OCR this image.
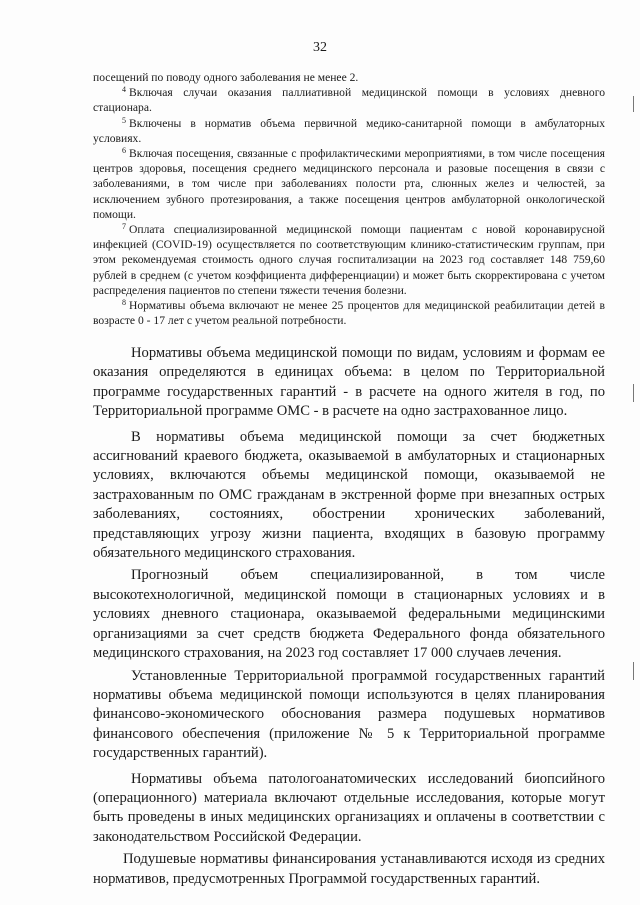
32

посещений по поводу одного заболевания не менее 2.

$^4$ Включая случаи оказания паллиативной медицинской помощи в условиях дневного стационара.

$^5$ Включены в норматив объема первичной медико-санитарной помощи в амбулаторных условиях.

$^6$ Включая посещения, связанные с профилактическими мероприятиями, в том числе посещения центров здоровья, посещения среднего медицинского персонала и разовые посещения в связи с заболеваниями, в том числе при заболеваниях полости рта, слюнных желез и челюстей, за исключением зубного протезирования, а также посещения центров амбулаторной онкологической помощи.

$^7$ Оплата специализированной медицинской помощи пациентам с новой коронавирусной инфекцией (COVID-19) осуществляется по соответствующим клинико-статистическим группам, при этом рекомендуемая стоимость одного случая госпитализации на 2023 год составляет 148 759,60 рублей в среднем (с учетом коэффициента дифференциации) и может быть скорректирована с учетом распределения пациентов по степени тяжести течения болезни.

$^8$ Нормативы объема включают не менее 25 процентов для медицинской реабилитации детей в возрасте 0 - 17 лет с учетом реальной потребности.

Нормативы объема медицинской помощи по видам, условиям и формам ее оказания определяются в единицах объема: в целом по Территориальной программе государственных гарантий - в расчете на одного жителя в год, по Территориальной программе ОМС - в расчете на одно застрахованное лицо.

В нормативы объема медицинской помощи за счет бюджетных ассигнований краевого бюджета, оказываемой в амбулаторных и стационарных условиях, включаются объемы медицинской помощи, оказываемой не застрахованным по ОМС гражданам в экстренной форме при внезапных острых заболеваниях, состояниях, обострении хронических заболеваний, представляющих угрозу жизни пациента, входящих в базовую программу обязательного медицинского страхования.

Прогнозный объем специализированной, в том числе высокотехнологичной, медицинской помощи в стационарных условиях и в условиях дневного стационара, оказываемой федеральными медицинскими организациями за счет средств бюджета Федерального фонда обязательного медицинского страхования, на 2023 год составляет 17 000 случаев лечения.

Установленные Территориальной программой государственных гарантий нормативы объема медицинской помощи используются в целях планирования финансово-экономического обоснования размера подушевых нормативов финансового обеспечения (приложение № 5 к Территориальной программе государственных гарантий).

Нормативы объема патологоанатомических исследований биопсийного (операционного) материала включают отдельные исследования, которые могут быть проведены в иных медицинских организациях и оплачены в соответствии с законодательством Российской Федерации.

Подушевые нормативы финансирования устанавливаются исходя из средних нормативов, предусмотренных Программой государственных гарантий.
